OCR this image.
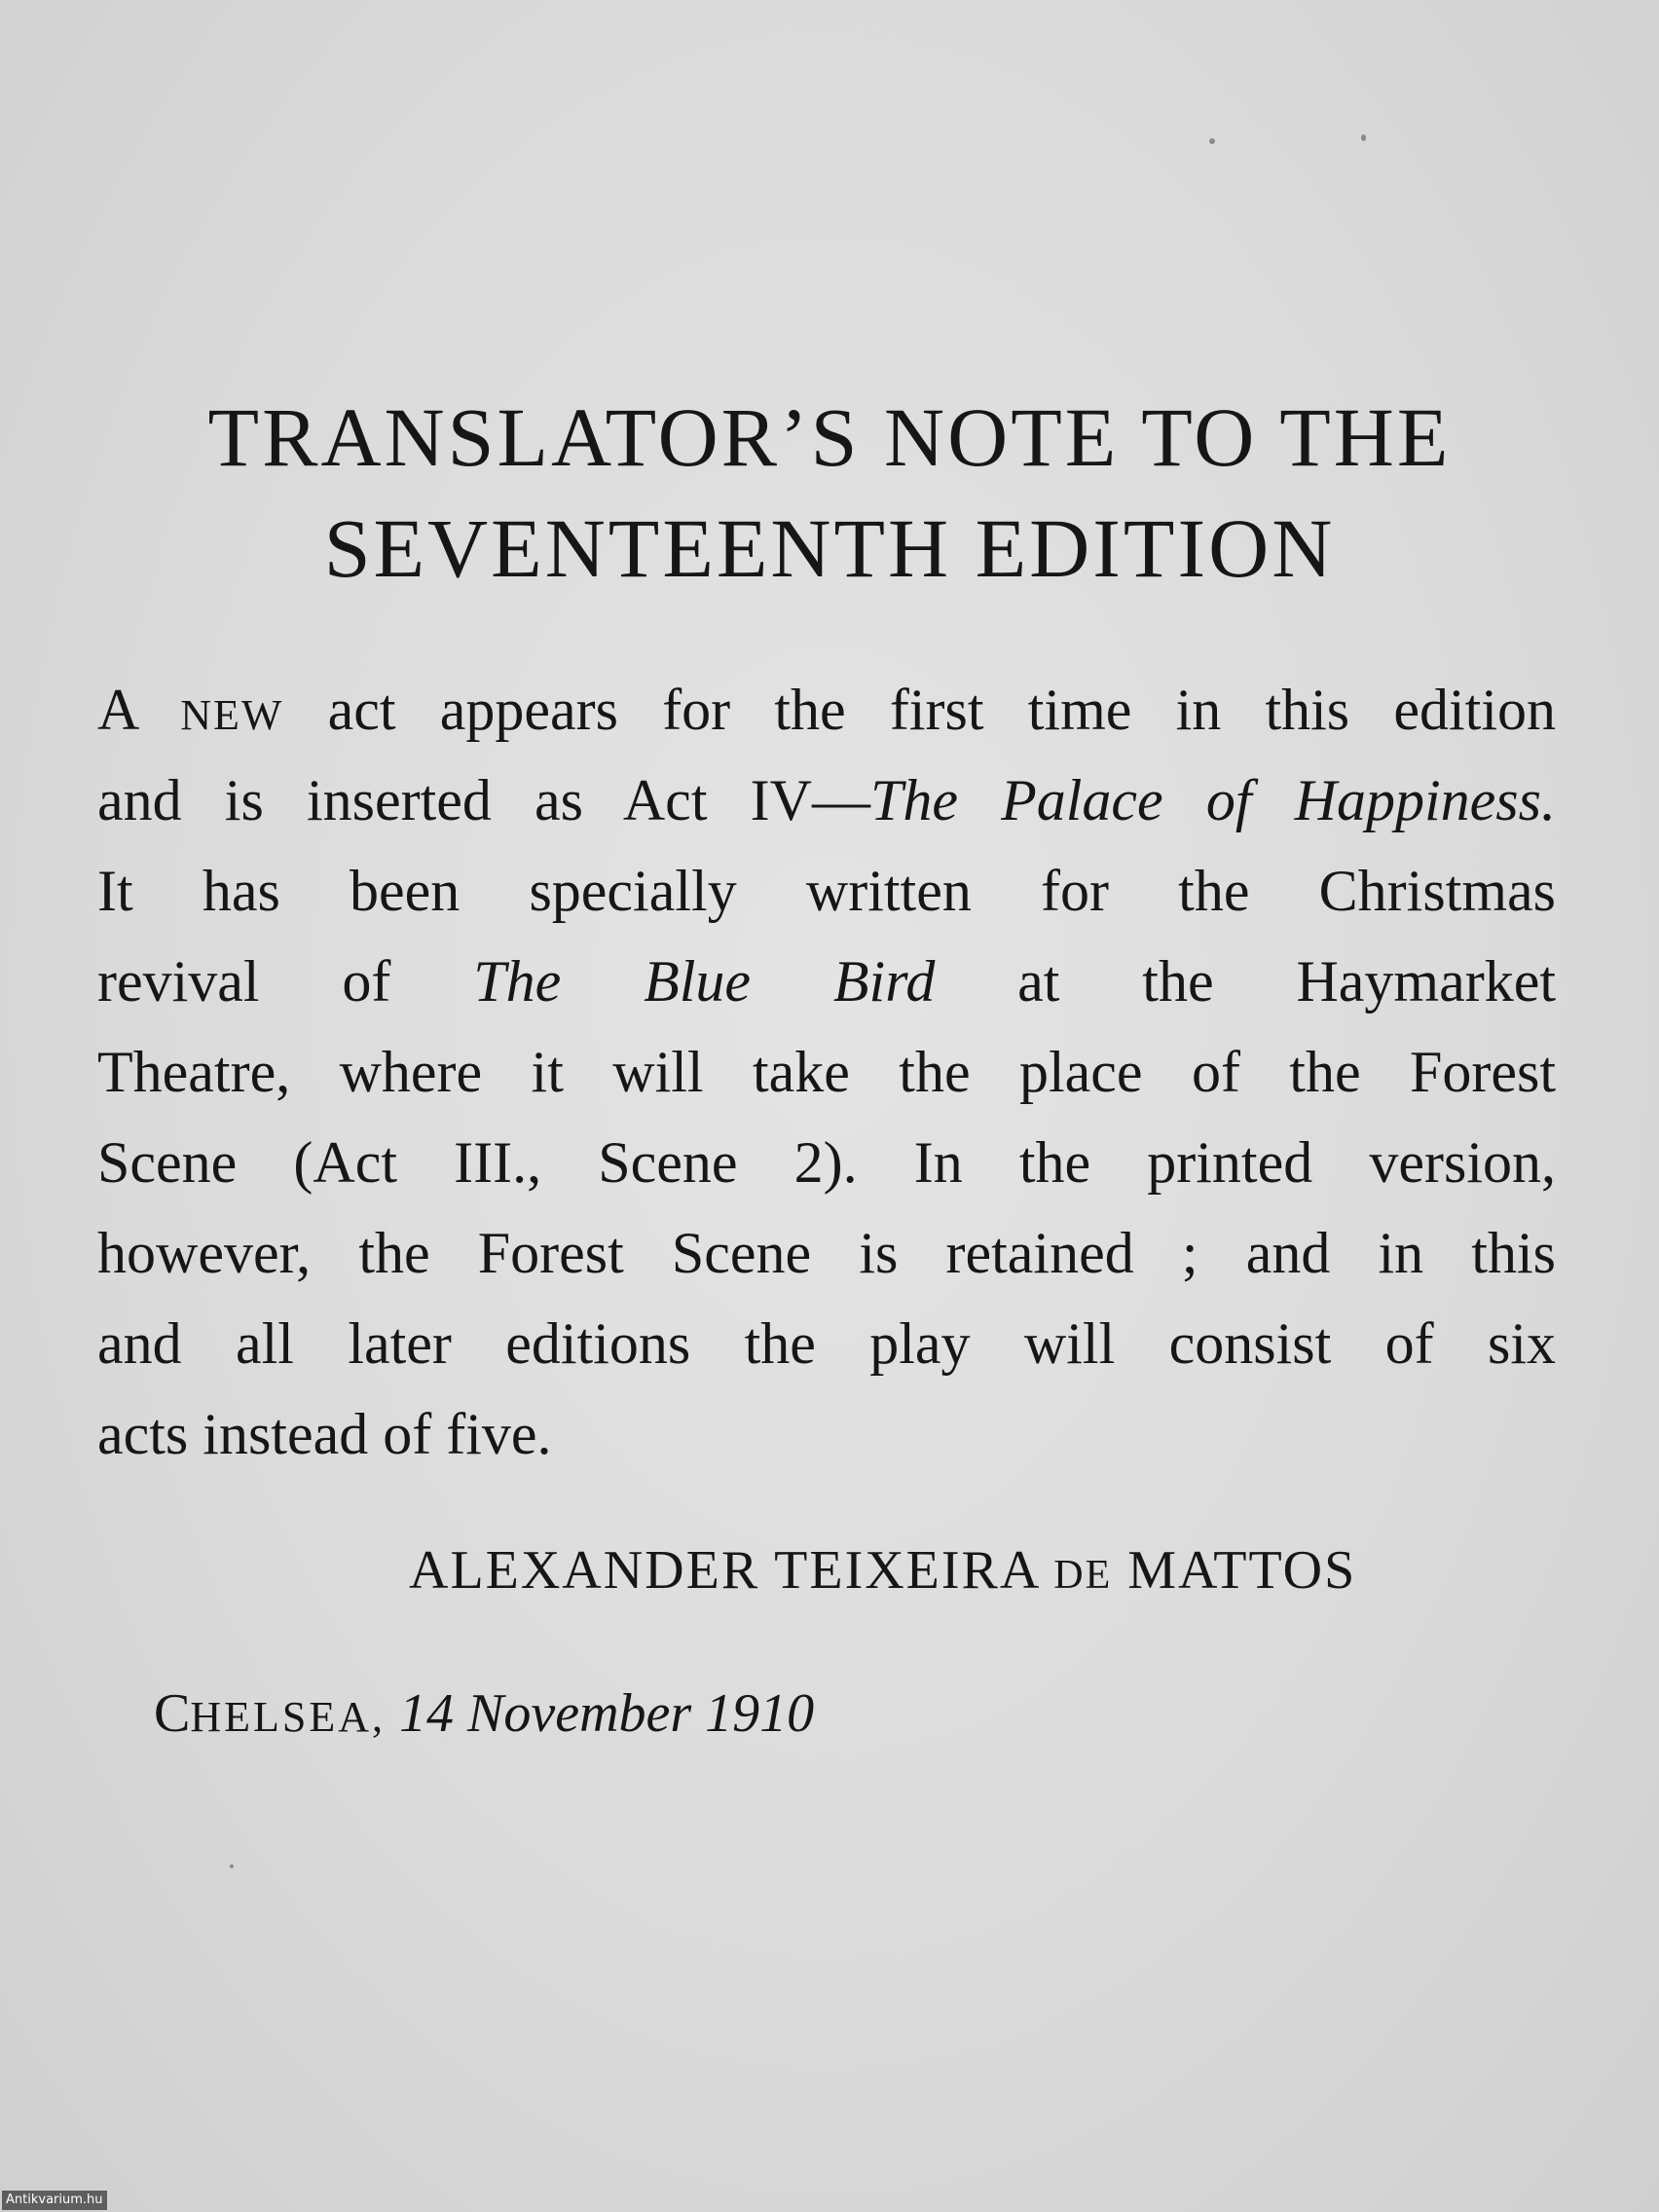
TRANSLATOR’S NOTE TO THE
SEVENTEENTH EDITION
A NEW act appears for the first time in this edition
and is inserted as Act IV—The Palace of Happiness.
It has been specially written for the Christmas
revival of The Blue Bird at the Haymarket
Theatre, where it will take the place of the Forest
Scene (Act III., Scene 2). In the printed version,
however, the Forest Scene is retained ; and in this
and all later editions the play will consist of six
acts instead of five.
ALEXANDER TEIXEIRA DE MATTOS
CHELSEA, 14 November 1910
Antikvarium.hu
